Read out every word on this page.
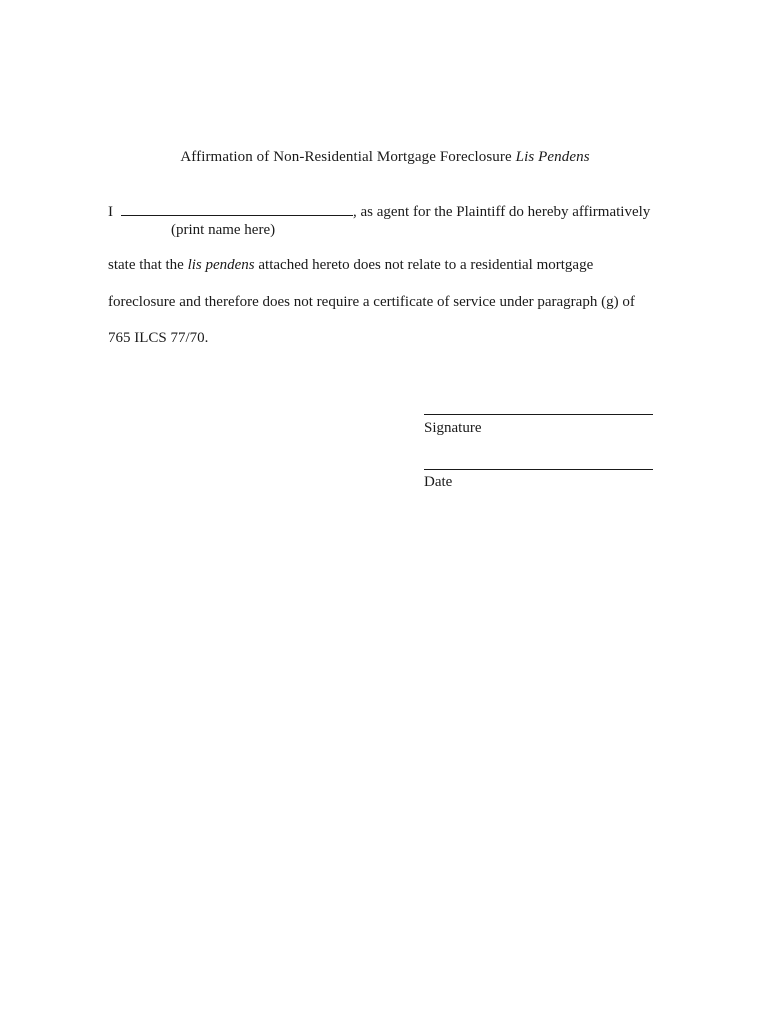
Affirmation of Non-Residential Mortgage Foreclosure Lis Pendens
I	, as agent for the Plaintiff do hereby affirmatively
(print name here)
state that the lis pendens attached hereto does not relate to a residential mortgage
foreclosure and therefore does not require a certificate of service under paragraph (g) of
765 ILCS 77/70.
Signature
Date
